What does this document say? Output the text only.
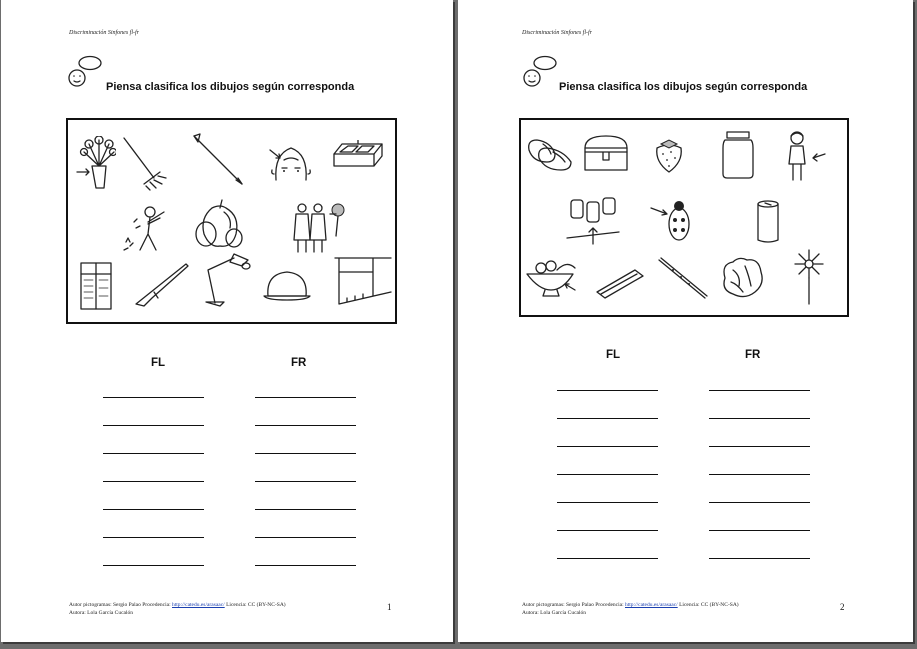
Discriminación Sinfones fl-fr
Piensa clasifica los dibujos según corresponda
FL	FR
Autor pictogramas: Sergio Palao Procedencia: http://catedu.es/arasaac/ Licencia: CC (BY-NC-SA)
Autora: Lola García Cucalón
1
Discriminación Sinfones fl-fr
Piensa clasifica los dibujos según corresponda
FL	FR
Autor pictogramas: Sergio Palao Procedencia: http://catedu.es/arasaac/ Licencia: CC (BY-NC-SA)
Autora: Lola García Cucalón
2
